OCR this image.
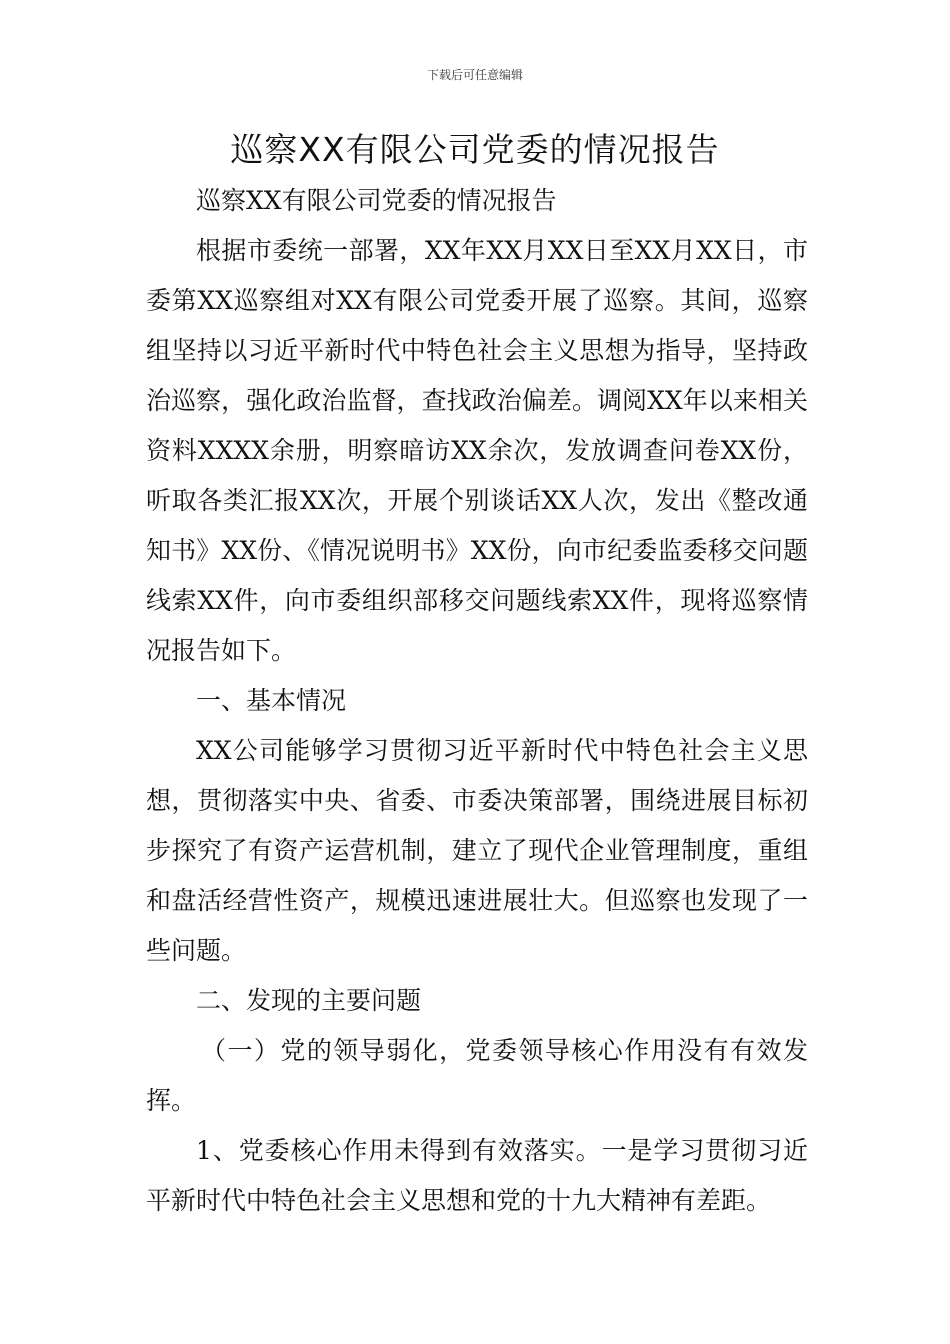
下载后可任意编辑
巡察XX有限公司党委的情况报告

巡察XX有限公司党委的情况报告

根据市委统一部署，XX年XX月XX日至XX月XX日，市委第XX巡察组对XX有限公司党委开展了巡察。其间，巡察组坚持以习近平新时代中特色社会主义思想为指导，坚持政治巡察，强化政治监督，查找政治偏差。调阅XX年以来相关资料XXXX余册，明察暗访XX余次，发放调查问卷XX份，听取各类汇报XX次，开展个别谈话XX人次，发出《整改通知书》XX份、《情况说明书》XX份，向市纪委监委移交问题线索XX件，向市委组织部移交问题线索XX件，现将巡察情况报告如下。

一、基本情况

XX公司能够学习贯彻习近平新时代中特色社会主义思想，贯彻落实中央、省委、市委决策部署，围绕进展目标初步探究了有资产运营机制，建立了现代企业管理制度，重组和盘活经营性资产，规模迅速进展壮大。但巡察也发现了一些问题。

二、发现的主要问题

（一）党的领导弱化，党委领导核心作用没有有效发挥。

1、党委核心作用未得到有效落实。一是学习贯彻习近平新时代中特色社会主义思想和党的十九大精神有差距。
